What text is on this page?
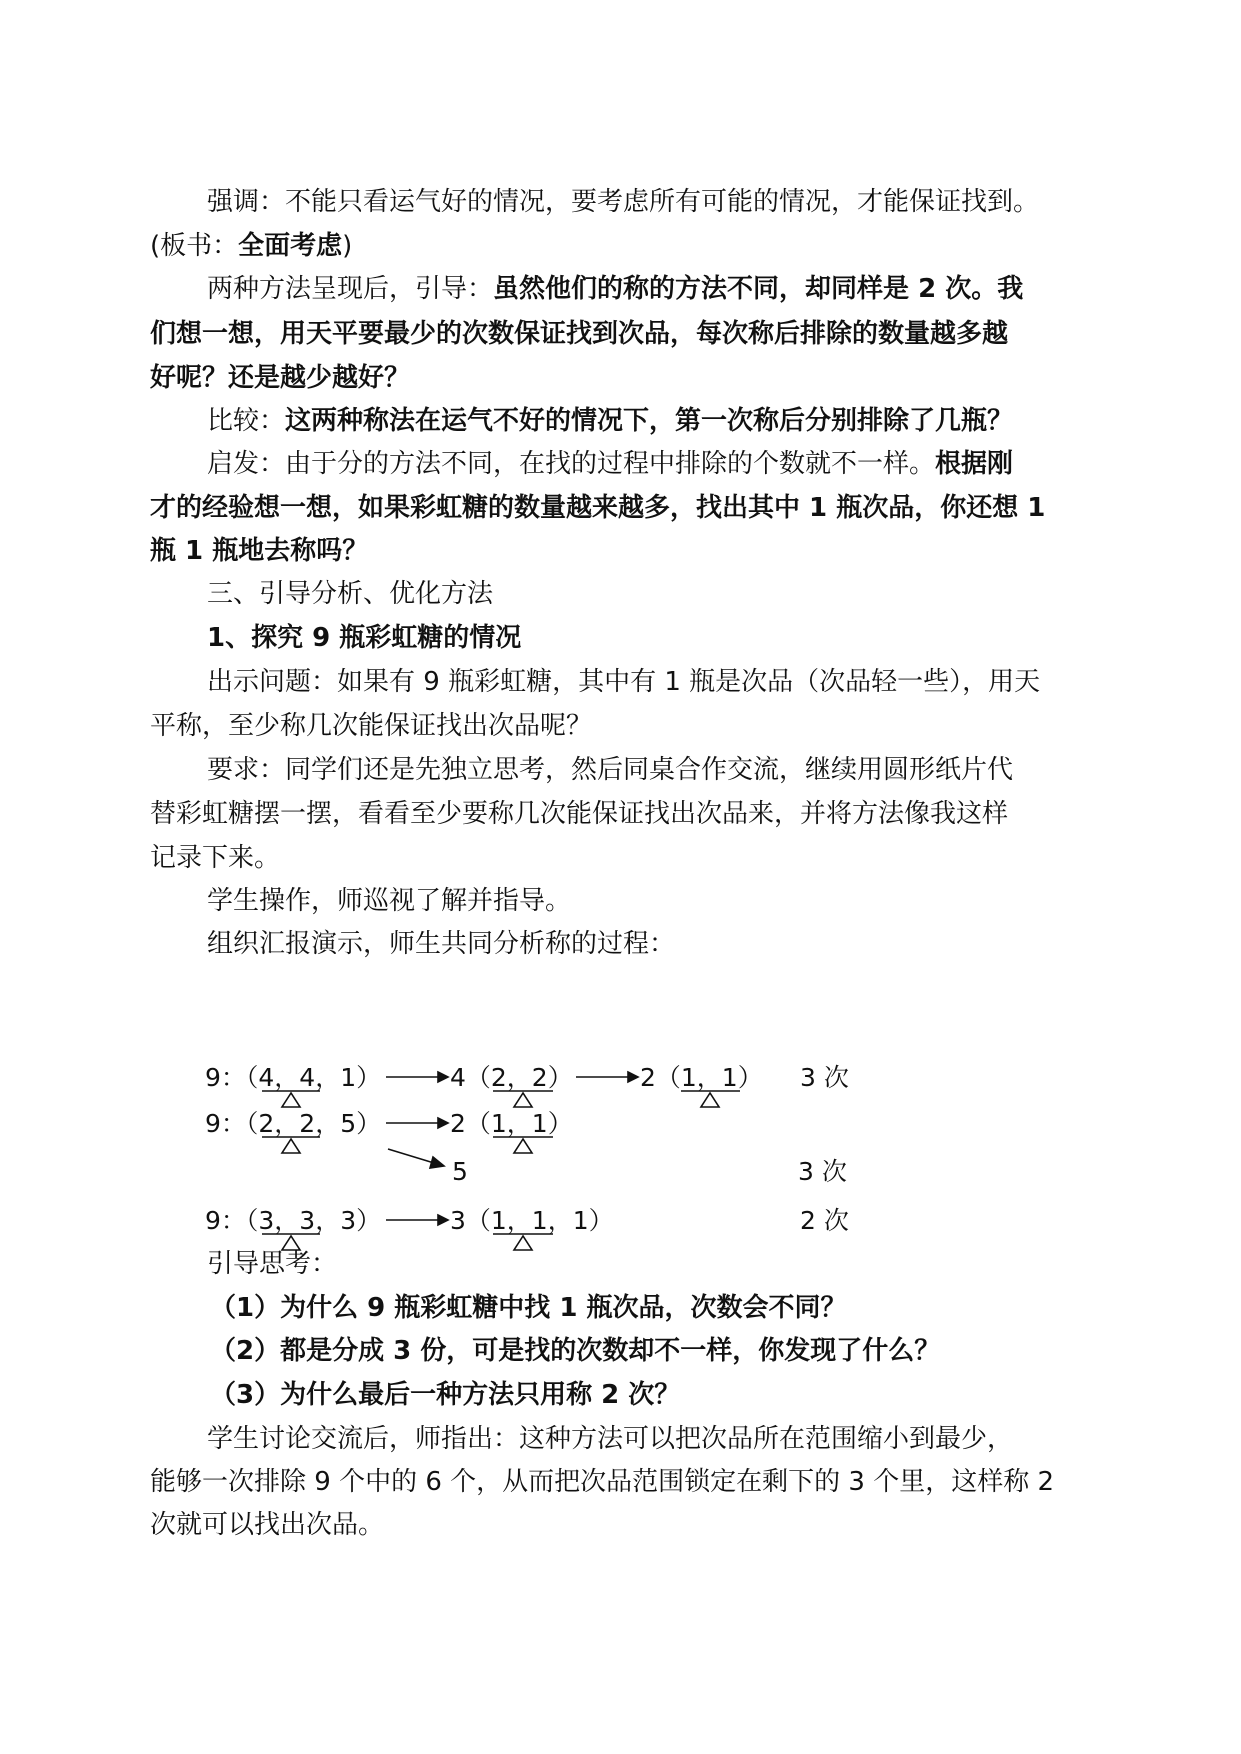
强调：不能只看运气好的情况，要考虑所有可能的情况，才能保证找到。
(板书：全面考虑)
两种方法呈现后，引导：虽然他们的称的方法不同，却同样是 2 次。我
们想一想，用天平要最少的次数保证找到次品，每次称后排除的数量越多越
好呢？还是越少越好？
比较：这两种称法在运气不好的情况下，第一次称后分别排除了几瓶？
启发：由于分的方法不同，在找的过程中排除的个数就不一样。根据刚
才的经验想一想，如果彩虹糖的数量越来越多，找出其中 1 瓶次品，你还想 1
瓶 1 瓶地去称吗？
三、引导分析、优化方法
1、探究 9 瓶彩虹糖的情况
出示问题：如果有 9 瓶彩虹糖，其中有 1 瓶是次品（次品轻一些），用天
平称，至少称几次能保证找出次品呢？
要求：同学们还是先独立思考，然后同桌合作交流，继续用圆形纸片代
替彩虹糖摆一摆，看看至少要称几次能保证找出次品来，并将方法像我这样
记录下来。
学生操作，师巡视了解并指导。
组织汇报演示，师生共同分析称的过程：
9：（4，4，1）	4（2，2）	2（1，1） 3 次
9：（2，2，5）	2（1，1）
5	3 次
9：（3，3，3）	3（1，1，1）	2 次
引导思考：
（1）为什么 9 瓶彩虹糖中找 1 瓶次品，次数会不同？
（2）都是分成 3 份，可是找的次数却不一样，你发现了什么？
（3）为什么最后一种方法只用称 2 次？
学生讨论交流后，师指出：这种方法可以把次品所在范围缩小到最少，
能够一次排除 9 个中的 6 个，从而把次品范围锁定在剩下的 3 个里，这样称 2
次就可以找出次品。
